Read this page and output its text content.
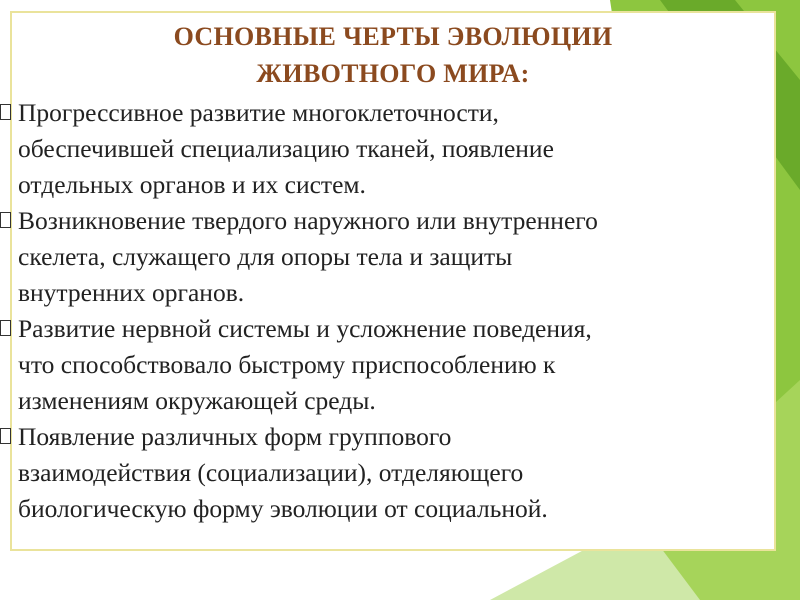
ОСНОВНЫЕ ЧЕРТЫ ЭВОЛЮЦИИ
ЖИВОТНОГО МИРА:
Прогрессивное развитие многоклеточности,
обеспечившей специализацию тканей, появление
отдельных органов и их систем.
Возникновение твердого наружного или внутреннего
скелета, служащего для опоры тела и защиты
внутренних органов.
Развитие нервной системы и усложнение поведения,
что способствовало быстрому приспособлению к
изменениям окружающей среды.
Появление различных форм группового
взаимодействия (социализации), отделяющего
биологическую форму эволюции от социальной.
